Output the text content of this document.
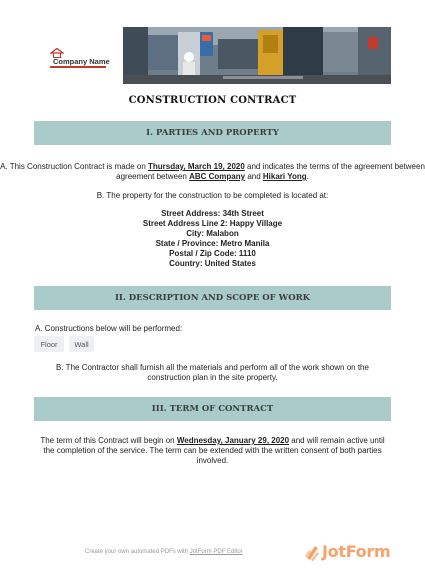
Company Name
CONSTRUCTION CONTRACT
I. PARTIES AND PROPERTY
A. This Construction Contract is made on Thursday, March 19, 2020 and indicates the terms of the agreement between

agreement between ABC Company and Hikari Yong.
B. The property for the construction to be completed is located at:
Street Address: 34th Street
Street Address Line 2: Happy Village
City: Malabon
State / Province: Metro Manila
Postal / Zip Code: 1110
Country: United States
II. DESCRIPTION AND SCOPE OF WORK
A. Constructions below will be performed:
Floor	Wall
B. The Contractor shall furnish all the materials and perform all of the work shown on the
construction plan in the site property.
III. TERM OF CONTRACT
The term of this Contract will begin on Wednesday, January 29, 2020 and will remain active until
the completion of the service. The term can be extended with the written consent of both parties
involved.
Create your own automated PDFs with JotForm PDF Editor	JotForm
